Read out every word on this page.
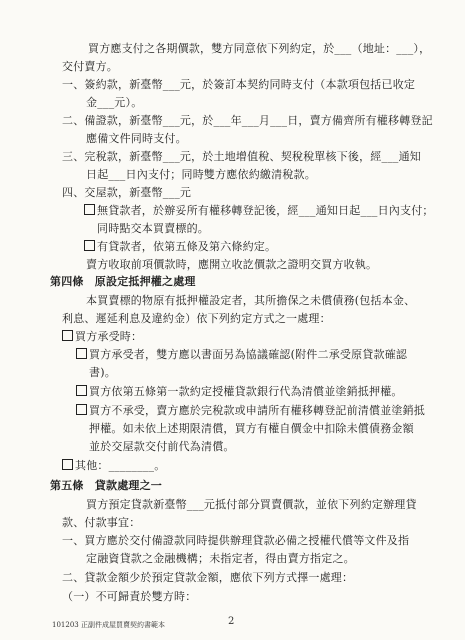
買方應支付之各期價款，雙方同意依下列約定，於___（地址：___），
交付賣方。
一、簽約款，新臺幣___元，於簽訂本契約同時支付（本款項包括已收定
金___元）。
二、備證款，新臺幣___元，於___年___月___日，賣方備齊所有權移轉登記
應備文件同時支付。
三、完稅款，新臺幣___元，於土地增值稅、契稅稅單核下後，經___通知
日起___日內支付；同時雙方應依約繳清稅款。
四、交屋款，新臺幣___元
無貸款者，於辦妥所有權移轉登記後，經___通知日起___日內支付；
同時點交本買賣標的。
有貸款者，依第五條及第六條約定。
賣方收取前項價款時，應開立收訖價款之證明交買方收執。
第四條　原設定抵押權之處理
本買賣標的物原有抵押權設定者，其所擔保之未償債務(包括本金、
利息、遲延利息及違約金）依下列約定方式之一處理：
買方承受時：
買方承受者，雙方應以書面另為協議確認(附件二承受原貸款確認
書)。
買方依第五條第一款約定授權貸款銀行代為清償並塗銷抵押權。
買方不承受，賣方應於完稅款或申請所有權移轉登記前清償並塗銷抵
押權。如未依上述期限清償，買方有權自價金中扣除未償債務金額
並於交屋款交付前代為清償。
其他：________。
第五條　貸款處理之一
買方預定貸款新臺幣___元抵付部分買賣價款，並依下列約定辦理貸
款、付款事宜：
一、買方應於交付備證款同時提供辦理貸款必備之授權代償等文件及指
定融資貸款之金融機構；未指定者，得由賣方指定之。
二、貸款金額少於預定貸款金額，應依下列方式擇一處理：
（一）不可歸責於雙方時：
101203 正副件成屋買賣契約書範本	2
